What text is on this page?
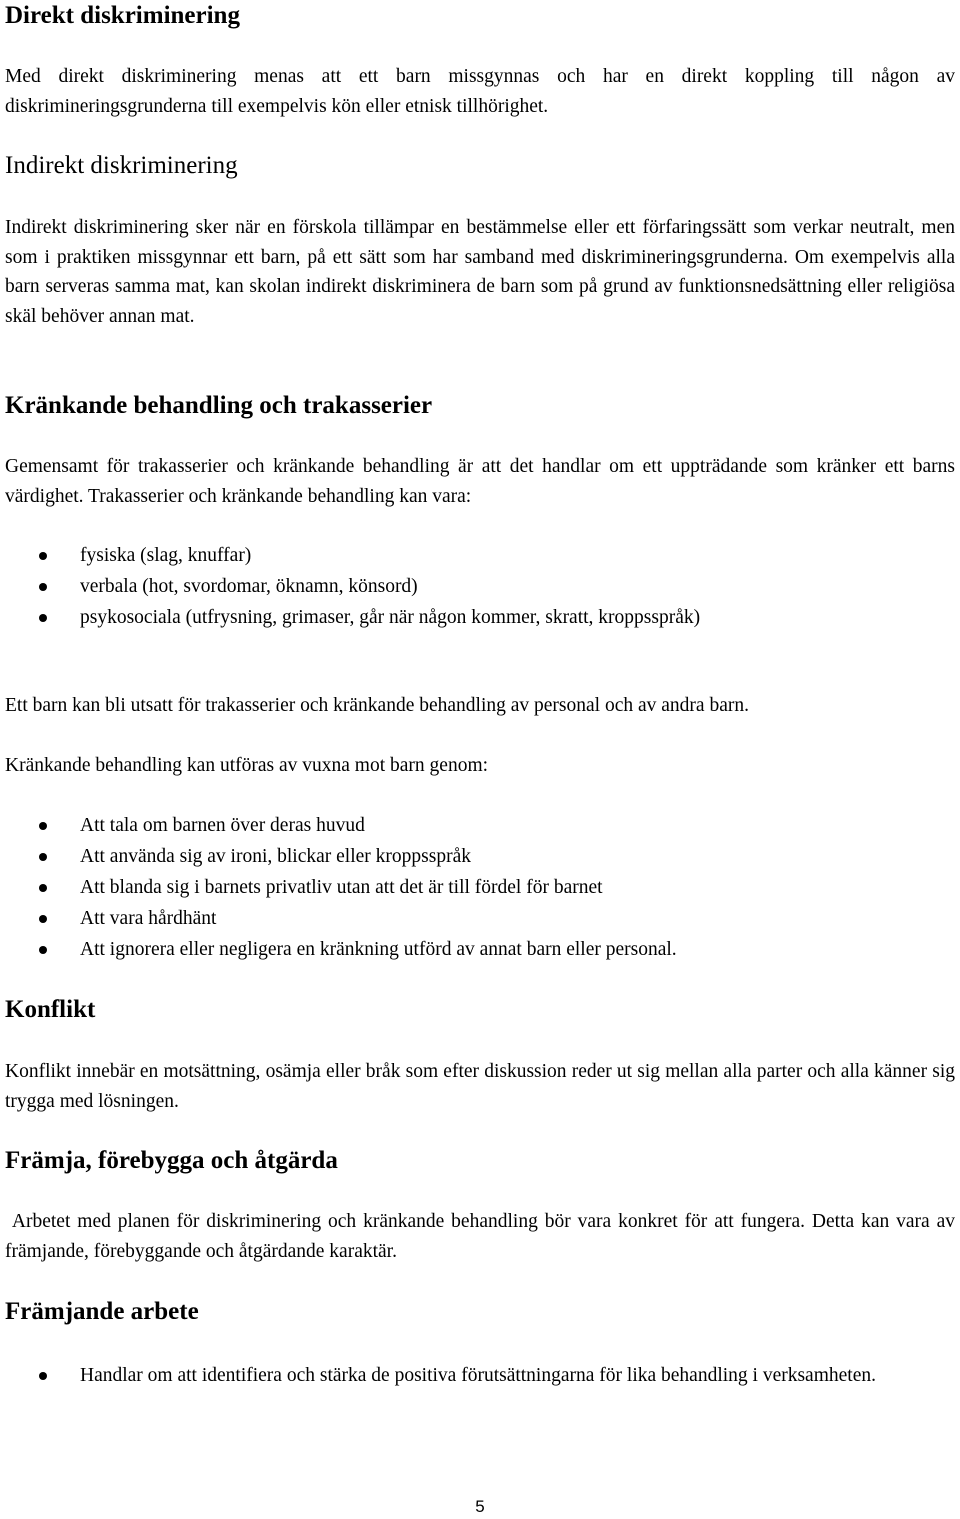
Direkt diskriminering

Med direkt diskriminering menas att ett barn missgynnas och har en direkt koppling till någon av diskrimineringsgrunderna till exempelvis kön eller etnisk tillhörighet.

Indirekt diskriminering

Indirekt diskriminering sker när en förskola tillämpar en bestämmelse eller ett förfaringssätt som verkar neutralt, men som i praktiken missgynnar ett barn, på ett sätt som har samband med diskrimineringsgrunderna. Om exempelvis alla barn serveras samma mat, kan skolan indirekt diskriminera de barn som på grund av funktionsnedsättning eller religiösa skäl behöver annan mat.

Kränkande behandling och trakasserier

Gemensamt för trakasserier och kränkande behandling är att det handlar om ett uppträdande som kränker ett barns värdighet. Trakasserier och kränkande behandling kan vara:

fysiska (slag, knuffar)
verbala (hot, svordomar, öknamn, könsord)
psykosociala (utfrysning, grimaser, går när någon kommer, skratt, kroppsspråk)

Ett barn kan bli utsatt för trakasserier och kränkande behandling av personal och av andra barn.

Kränkande behandling kan utföras av vuxna mot barn genom:

Att tala om barnen över deras huvud
Att använda sig av ironi, blickar eller kroppsspråk
Att blanda sig i barnets privatliv utan att det är till fördel för barnet
Att vara hårdhänt
Att ignorera eller negligera en kränkning utförd av annat barn eller personal.
Konflikt

Konflikt innebär en motsättning, osämja eller bråk som efter diskussion reder ut sig mellan alla parter och alla känner sig trygga med lösningen.

Främja, förebygga och åtgärda

Arbetet med planen för diskriminering och kränkande behandling bör vara konkret för att fungera. Detta kan vara av främjande, förebyggande och åtgärdande karaktär.

Främjande arbete
Handlar om att identifiera och stärka de positiva förutsättningarna för lika behandling i verksamheten.
5
